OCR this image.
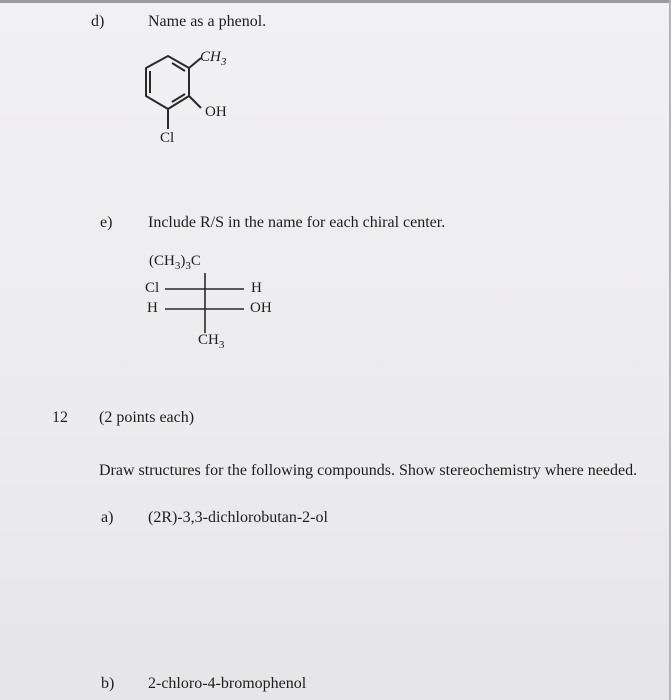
d)	Name as a phenol.
$CH_3$
OH
Cl
e) Include R/S in the name for each chiral center.
$(CH_3)_3C$
Cl
H
H
OH
$CH_3$
12 (2 points each)
Draw structures for the following compounds. Show stereochemistry where needed.
a) (2R)-3,3-dichlorobutan-2-ol
b) 2-chloro-4-bromophenol
